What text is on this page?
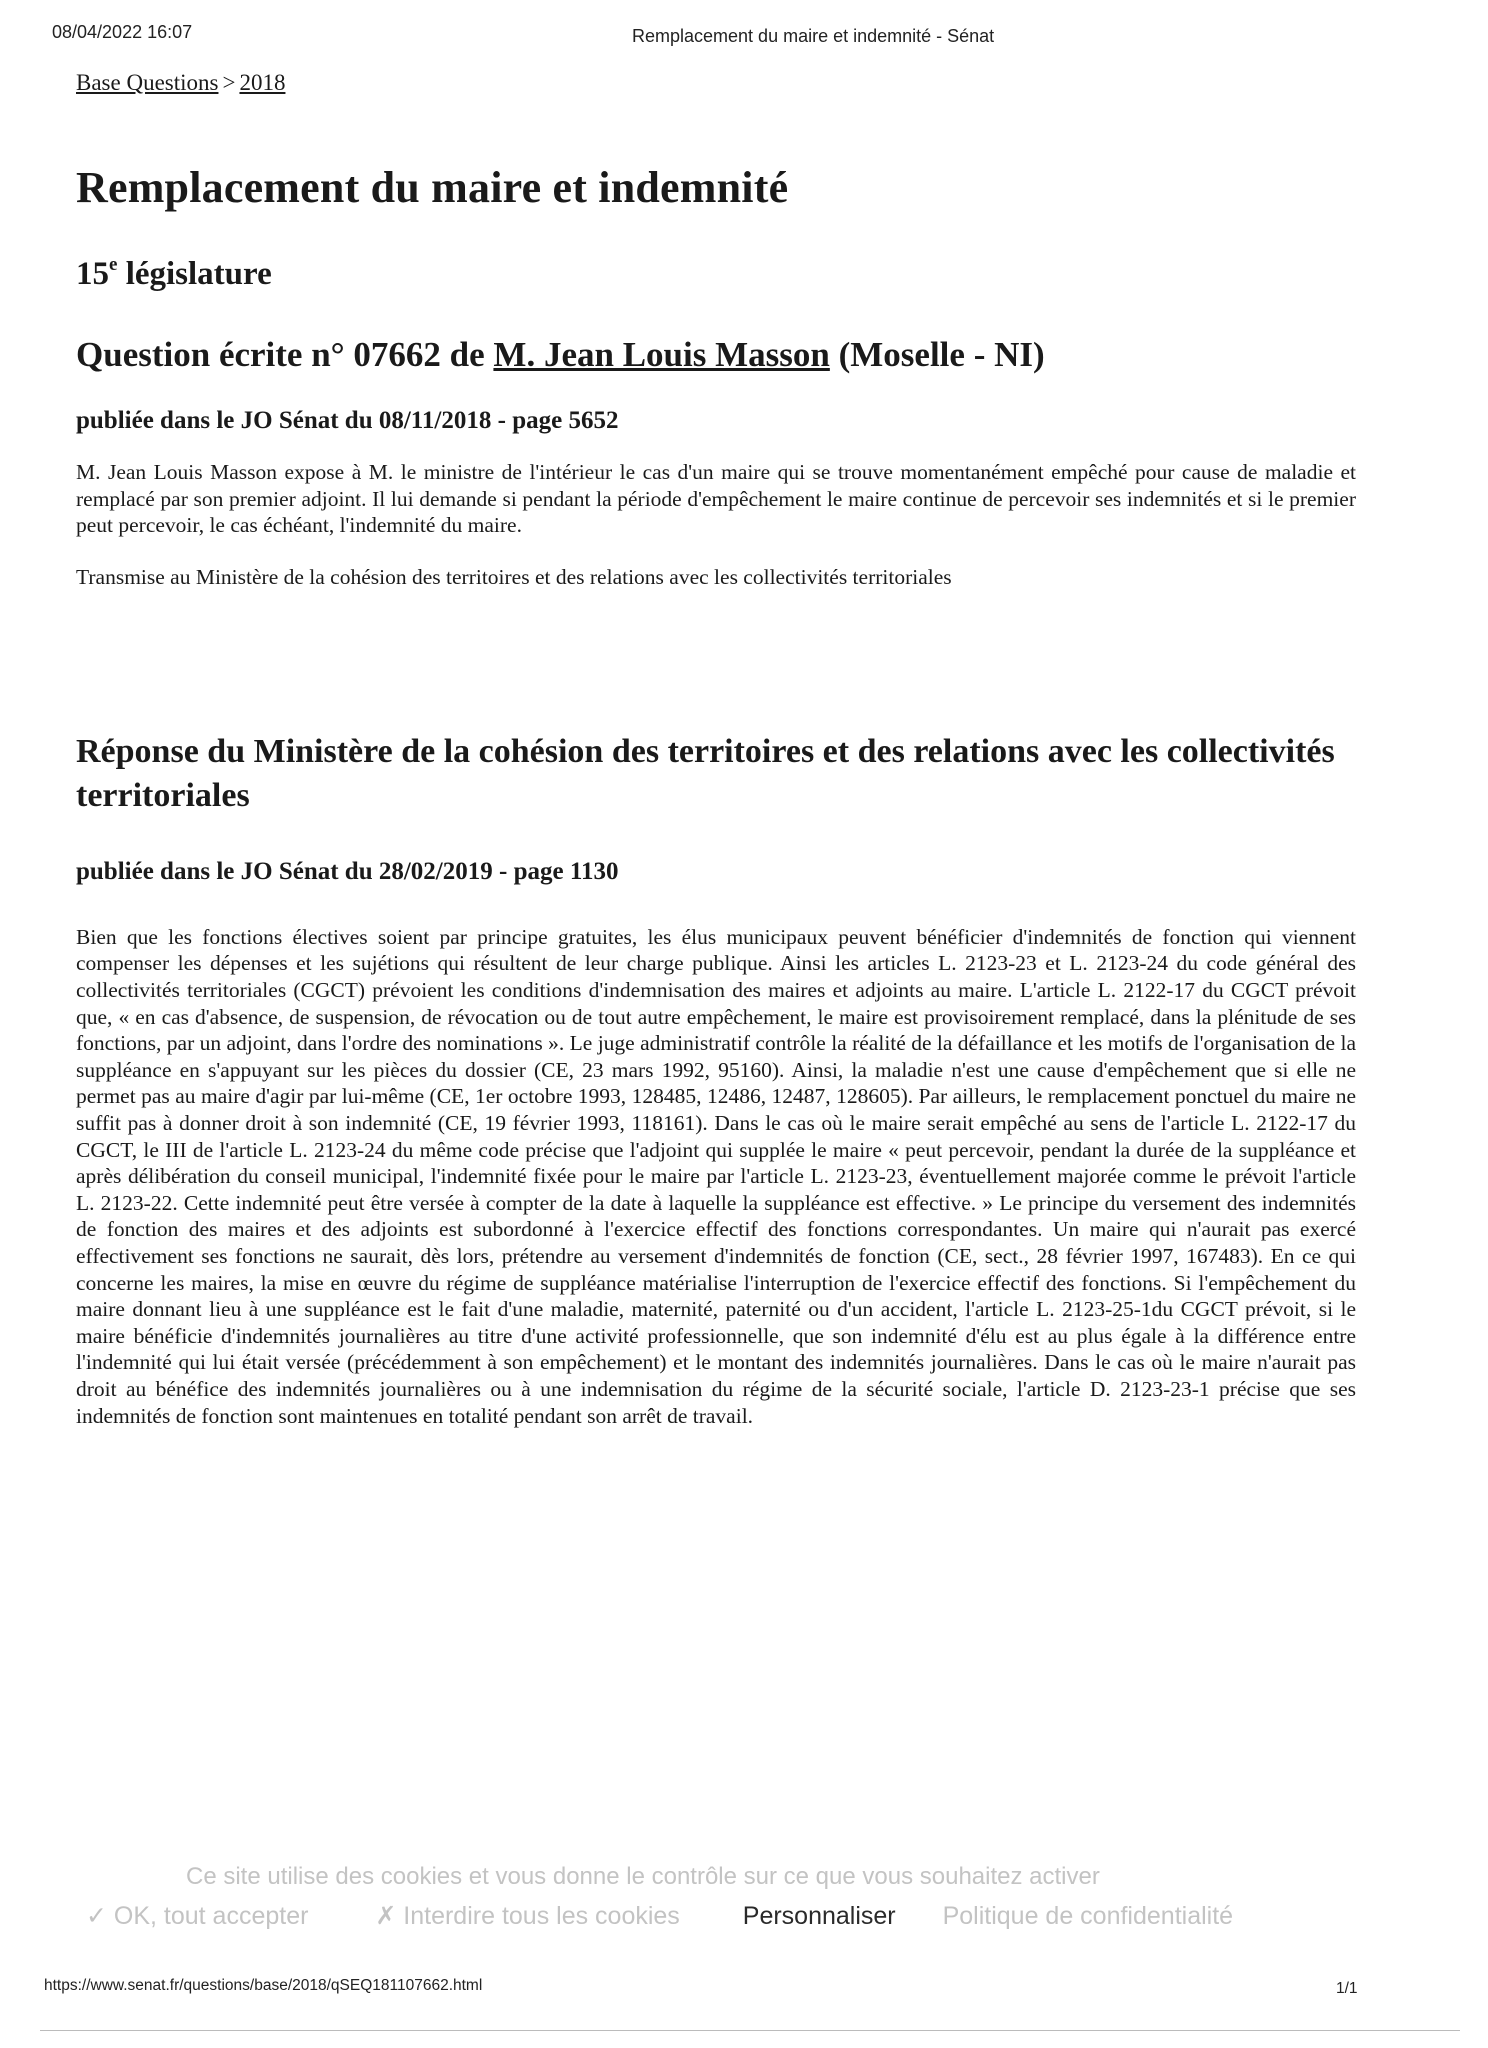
08/04/2022 16:07	Remplacement du maire et indemnité - Sénat

Base Questions > 2018

Remplacement du maire et indemnité

15e législature

Question écrite n° 07662 de M. Jean Louis Masson (Moselle - NI)

publiée dans le JO Sénat du 08/11/2018 - page 5652

M. Jean Louis Masson expose à M. le ministre de l'intérieur le cas d'un maire qui se trouve momentanément empêché pour cause de maladie et remplacé par son premier adjoint. Il lui demande si pendant la période d'empêchement le maire continue de percevoir ses indemnités et si le premier peut percevoir, le cas échéant, l'indemnité du maire.

Transmise au Ministère de la cohésion des territoires et des relations avec les collectivités territoriales

Réponse du Ministère de la cohésion des territoires et des relations avec les collectivités territoriales

publiée dans le JO Sénat du 28/02/2019 - page 1130

Bien que les fonctions électives soient par principe gratuites, les élus municipaux peuvent bénéficier d'indemnités de fonction qui viennent compenser les dépenses et les sujétions qui résultent de leur charge publique. Ainsi les articles L. 2123-23 et L. 2123-24 du code général des collectivités territoriales (CGCT) prévoient les conditions d'indemnisation des maires et adjoints au maire. L'article L. 2122-17 du CGCT prévoit que, « en cas d'absence, de suspension, de révocation ou de tout autre empêchement, le maire est provisoirement remplacé, dans la plénitude de ses fonctions, par un adjoint, dans l'ordre des nominations ». Le juge administratif contrôle la réalité de la défaillance et les motifs de l'organisation de la suppléance en s'appuyant sur les pièces du dossier (CE, 23 mars 1992, 95160). Ainsi, la maladie n'est une cause d'empêchement que si elle ne permet pas au maire d'agir par lui-même (CE, 1er octobre 1993, 128485, 12486, 12487, 128605). Par ailleurs, le remplacement ponctuel du maire ne suffit pas à donner droit à son indemnité (CE, 19 février 1993, 118161). Dans le cas où le maire serait empêché au sens de l'article L. 2122-17 du CGCT, le III de l'article L. 2123-24 du même code précise que l'adjoint qui supplée le maire « peut percevoir, pendant la durée de la suppléance et après délibération du conseil municipal, l'indemnité fixée pour le maire par l'article L. 2123-23, éventuellement majorée comme le prévoit l'article L. 2123-22. Cette indemnité peut être versée à compter de la date à laquelle la suppléance est effective. » Le principe du versement des indemnités de fonction des maires et des adjoints est subordonné à l'exercice effectif des fonctions correspondantes. Un maire qui n'aurait pas exercé effectivement ses fonctions ne saurait, dès lors, prétendre au versement d'indemnités de fonction (CE, sect., 28 février 1997, 167483). En ce qui concerne les maires, la mise en œuvre du régime de suppléance matérialise l'interruption de l'exercice effectif des fonctions. Si l'empêchement du maire donnant lieu à une suppléance est le fait d'une maladie, maternité, paternité ou d'un accident, l'article L. 2123-25-1du CGCT prévoit, si le maire bénéficie d'indemnités journalières au titre d'une activité professionnelle, que son indemnité d'élu est au plus égale à la différence entre l'indemnité qui lui était versée (précédemment à son empêchement) et le montant des indemnités journalières. Dans le cas où le maire n'aurait pas droit au bénéfice des indemnités journalières ou à une indemnisation du régime de la sécurité sociale, l'article D. 2123-23-1 précise que ses indemnités de fonction sont maintenues en totalité pendant son arrêt de travail.

Ce site utilise des cookies et vous donne le contrôle sur ce que vous souhaitez activer
✓ OK, tout accepter	✗ Interdire tous les cookies	Personnaliser Politique de confidentialité
https://www.senat.fr/questions/base/2018/qSEQ181107662.html	1/1
